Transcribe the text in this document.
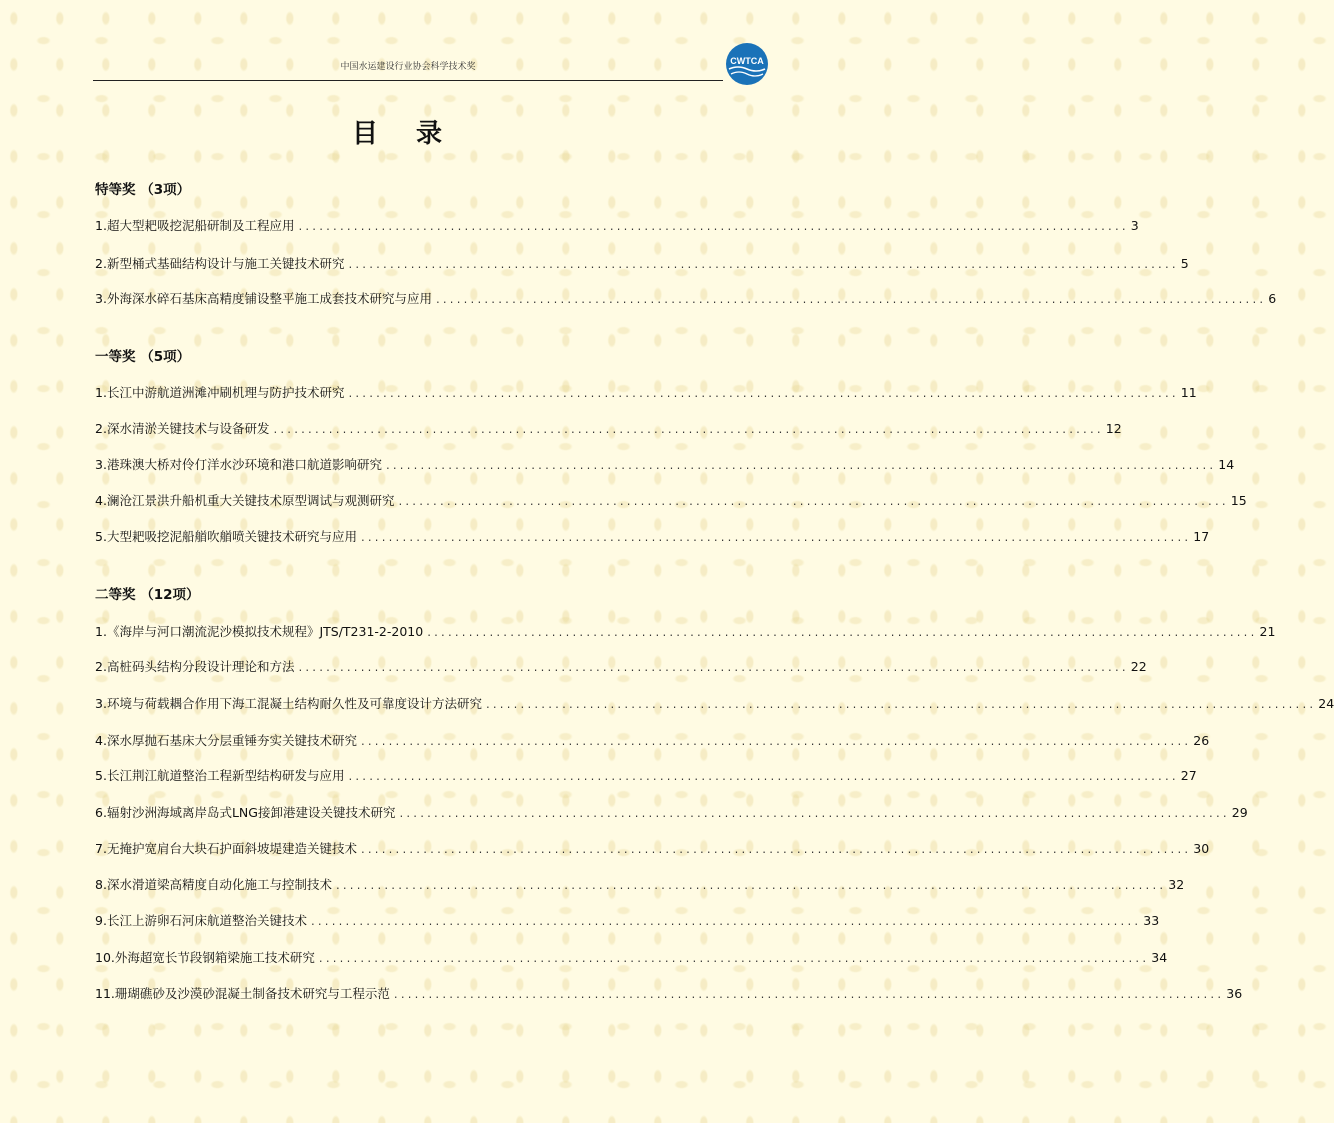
中国水运建设行业协会科学技术奖
CWTCA
目录
特等奖 （3项）
1. 超大型耙吸挖泥船研制及工程应用 ........................................................................................................................ 3
2. 新型桶式基础结构设计与施工关键技术研究 ........................................................................................................................ 5
3. 外海深水碎石基床高精度铺设整平施工成套技术研究与应用 ........................................................................................................................ 6
一等奖 （5项）
1. 长江中游航道洲滩冲刷机理与防护技术研究 ........................................................................................................................ 11
2. 深水清淤关键技术与设备研发 ........................................................................................................................ 12
3. 港珠澳大桥对伶仃洋水沙环境和港口航道影响研究 ........................................................................................................................ 14
4. 澜沧江景洪升船机重大关键技术原型调试与观测研究 ........................................................................................................................ 15
5. 大型耙吸挖泥船艏吹艏喷关键技术研究与应用 ........................................................................................................................ 17
二等奖 （12项）
1. 《海岸与河口潮流泥沙模拟技术规程》JTS/T231-2-2010 ........................................................................................................................ 21
2. 高桩码头结构分段设计理论和方法 ........................................................................................................................ 22
3. 环境与荷载耦合作用下海工混凝土结构耐久性及可靠度设计方法研究 ........................................................................................................................ 24
4. 深水厚抛石基床大分层重锤夯实关键技术研究 ........................................................................................................................ 26
5. 长江荆江航道整治工程新型结构研发与应用 ........................................................................................................................ 27
6. 辐射沙洲海域离岸岛式LNG接卸港建设关键技术研究 ........................................................................................................................ 29
7. 无掩护宽肩台大块石护面斜坡堤建造关键技术 ........................................................................................................................ 30
8. 深水滑道梁高精度自动化施工与控制技术 ........................................................................................................................ 32
9. 长江上游卵石河床航道整治关键技术 ........................................................................................................................ 33
10. 外海超宽长节段钢箱梁施工技术研究 ........................................................................................................................ 34
11. 珊瑚礁砂及沙漠砂混凝土制备技术研究与工程示范 ........................................................................................................................ 36
